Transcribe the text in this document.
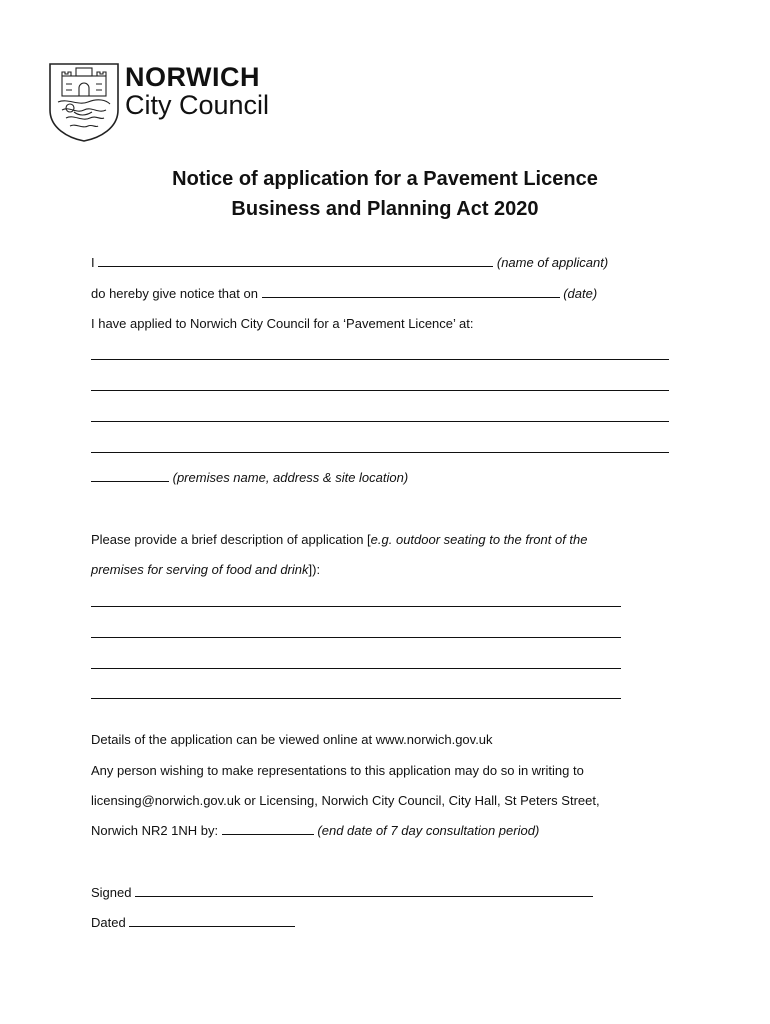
NORWICH
City Council
Notice of application for a Pavement Licence
Business and Planning Act 2020
I	(name of applicant)
do hereby give notice that on	(date)
I have applied to Norwich City Council for a ‘Pavement Licence’ at:
(premises name, address & site location)
Please provide a brief description of application [e.g. outdoor seating to the front of the
premises for serving of food and drink]):
Details of the application can be viewed online at www.norwich.gov.uk
Any person wishing to make representations to this application may do so in writing to
licensing@norwich.gov.uk or Licensing, Norwich City Council, City Hall, St Peters Street,
Norwich NR2 1NH by:	(end date of 7 day consultation period)
Signed
Dated
